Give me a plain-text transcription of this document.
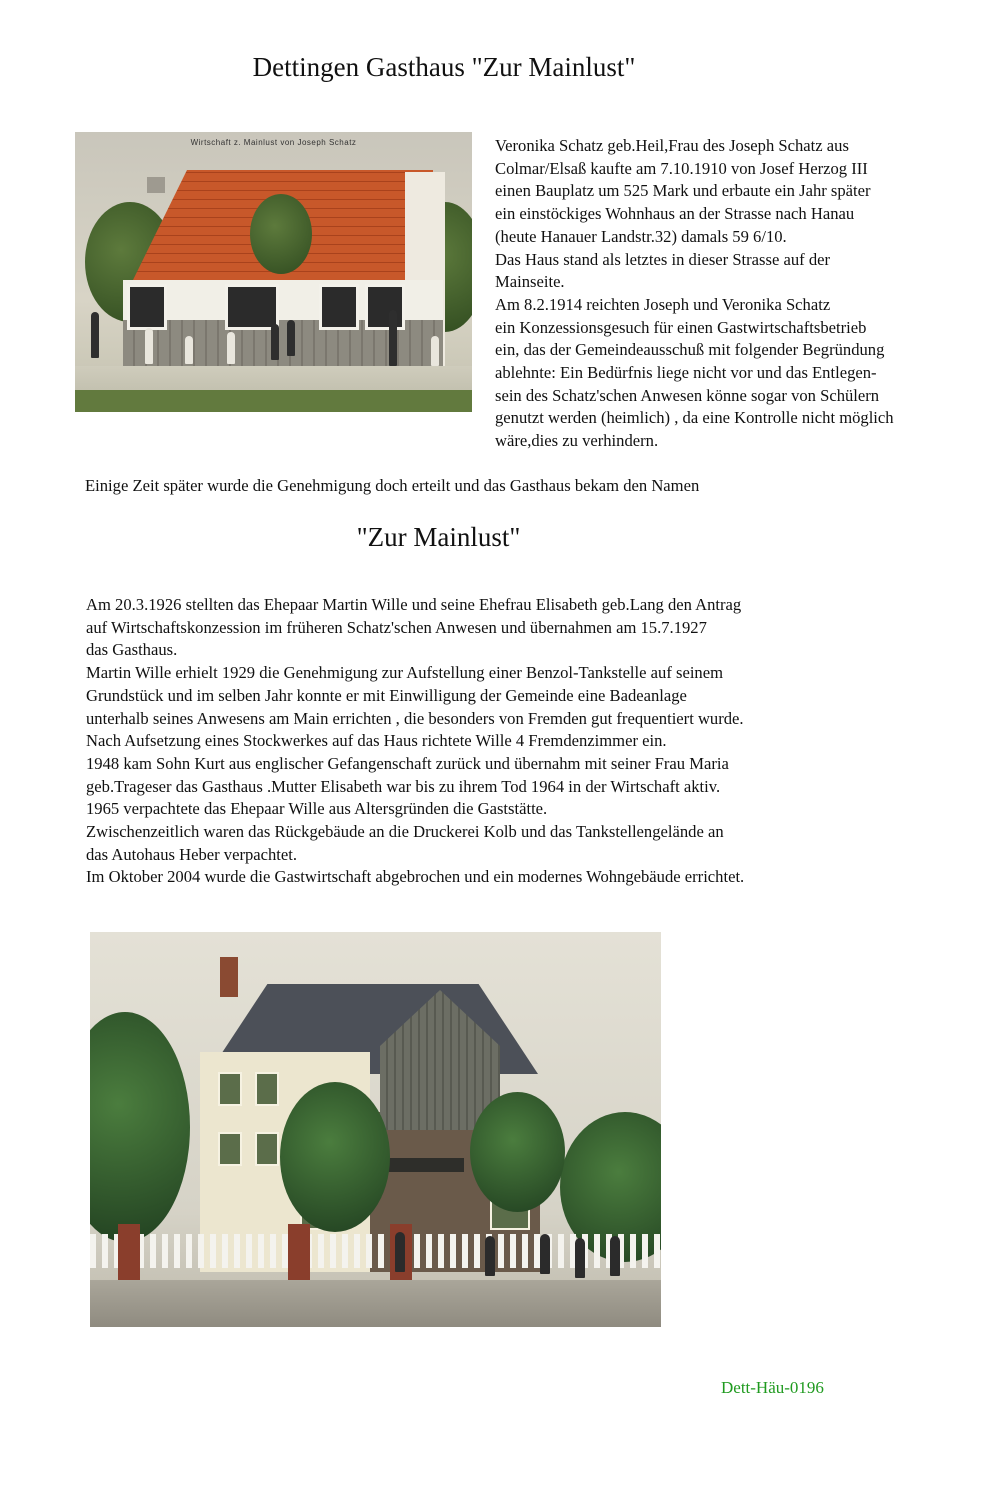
Dettingen Gasthaus "Zur Mainlust"
Wirtschaft z. Mainlust von Joseph Schatz	Veronika Schatz geb.Heil,Frau des Joseph Schatz aus
Colmar/Elsaß kaufte am 7.10.1910 von Josef Herzog III
einen Bauplatz um 525 Mark und erbaute ein Jahr später
ein einstöckiges Wohnhaus an der Strasse nach Hanau
(heute Hanauer Landstr.32) damals 59 6/10.
Das Haus stand als letztes in dieser Strasse auf der
Mainseite.
Am 8.2.1914 reichten Joseph und Veronika Schatz
ein Konzessionsgesuch für einen Gastwirtschaftsbetrieb
ein, das der Gemeindeausschuß mit folgender Begründung
ablehnte: Ein Bedürfnis liege nicht vor und das Entlegen-
sein des Schatz'schen Anwesen könne sogar von Schülern
genutzt werden (heimlich) , da eine Kontrolle nicht möglich
wäre,dies zu verhindern.

Einige Zeit später wurde die Genehmigung doch erteilt und das Gasthaus bekam den Namen

"Zur Mainlust"
Am 20.3.1926 stellten das Ehepaar Martin Wille und seine Ehefrau Elisabeth geb.Lang den Antrag
auf Wirtschaftskonzession im früheren Schatz'schen Anwesen und übernahmen am 15.7.1927
das Gasthaus.
Martin Wille erhielt 1929 die Genehmigung zur Aufstellung einer Benzol-Tankstelle auf seinem
Grundstück und im selben Jahr konnte er mit Einwilligung der Gemeinde eine Badeanlage
unterhalb seines Anwesens am Main errichten , die besonders von Fremden gut frequentiert wurde.
Nach Aufsetzung eines Stockwerkes auf das Haus richtete Wille 4 Fremdenzimmer ein.
1948 kam Sohn Kurt aus englischer Gefangenschaft zurück und übernahm mit seiner Frau Maria
geb.Trageser das Gasthaus .Mutter Elisabeth war bis zu ihrem Tod 1964 in der Wirtschaft aktiv.
1965 verpachtete das Ehepaar Wille aus Altersgründen die Gaststätte.
Zwischenzeitlich waren das Rückgebäude an die Druckerei Kolb und das Tankstellengelände an
das Autohaus Heber verpachtet.
Im Oktober 2004 wurde die Gastwirtschaft abgebrochen und ein modernes Wohngebäude errichtet.

Dett-Häu-0196
